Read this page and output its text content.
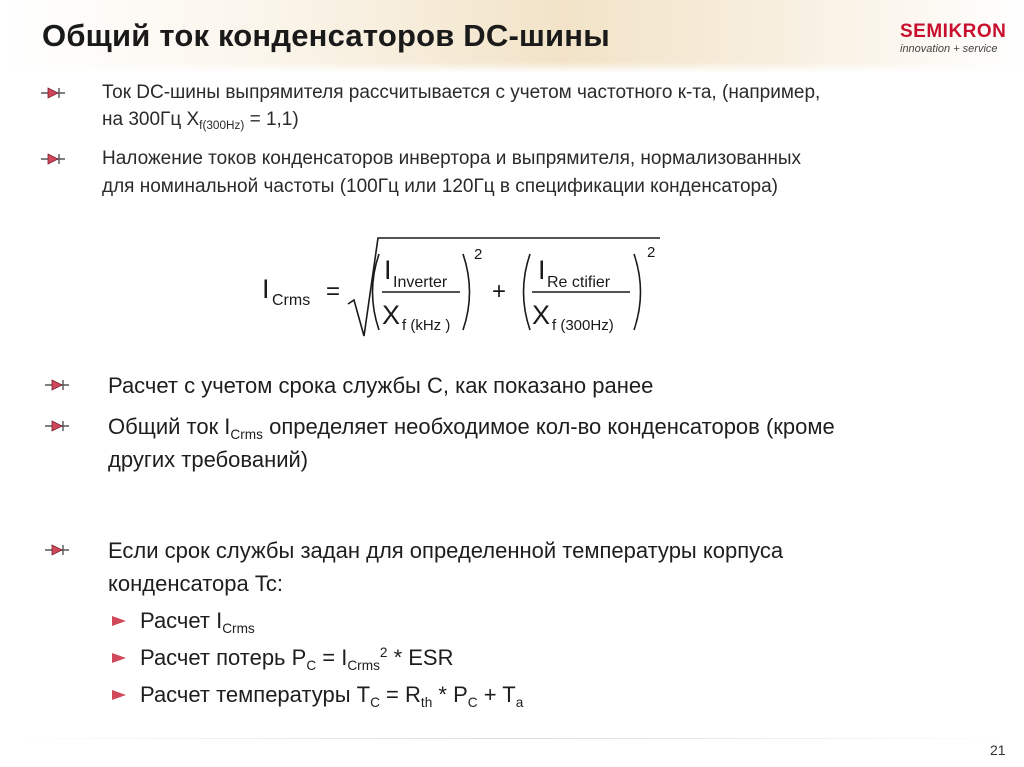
Общий ток конденсаторов DC-шины	SEMIKRON
innovation + service
Ток DC-шины выпрямителя рассчитывается с учетом частотного к-та, (например,
на 300Гц $X_{f(300Hz)} = 1,1$)
Наложение токов конденсаторов инвертора и выпрямителя, нормализованных
для номинальной частоты (100Гц или 120Гц в спецификации конденсатора)
I Crms =
I Inverter
X f (kHz )
2
+
I Re ctifier
X f (300Hz)
2
Расчет с учетом срока службы C, как показано ранее
Общий ток $I_{Crms}$ определяет необходимое кол-во конденсаторов (кроме
других требований)
Если срок службы задан для определенной температуры корпуса
конденсатора Tc:
Расчет $I_{Crms}$
Расчет потерь $P_C = I_{Crms}^2$ * ESR
Расчет температуры $T_C = R_{th} * P_C + T_a$
21
